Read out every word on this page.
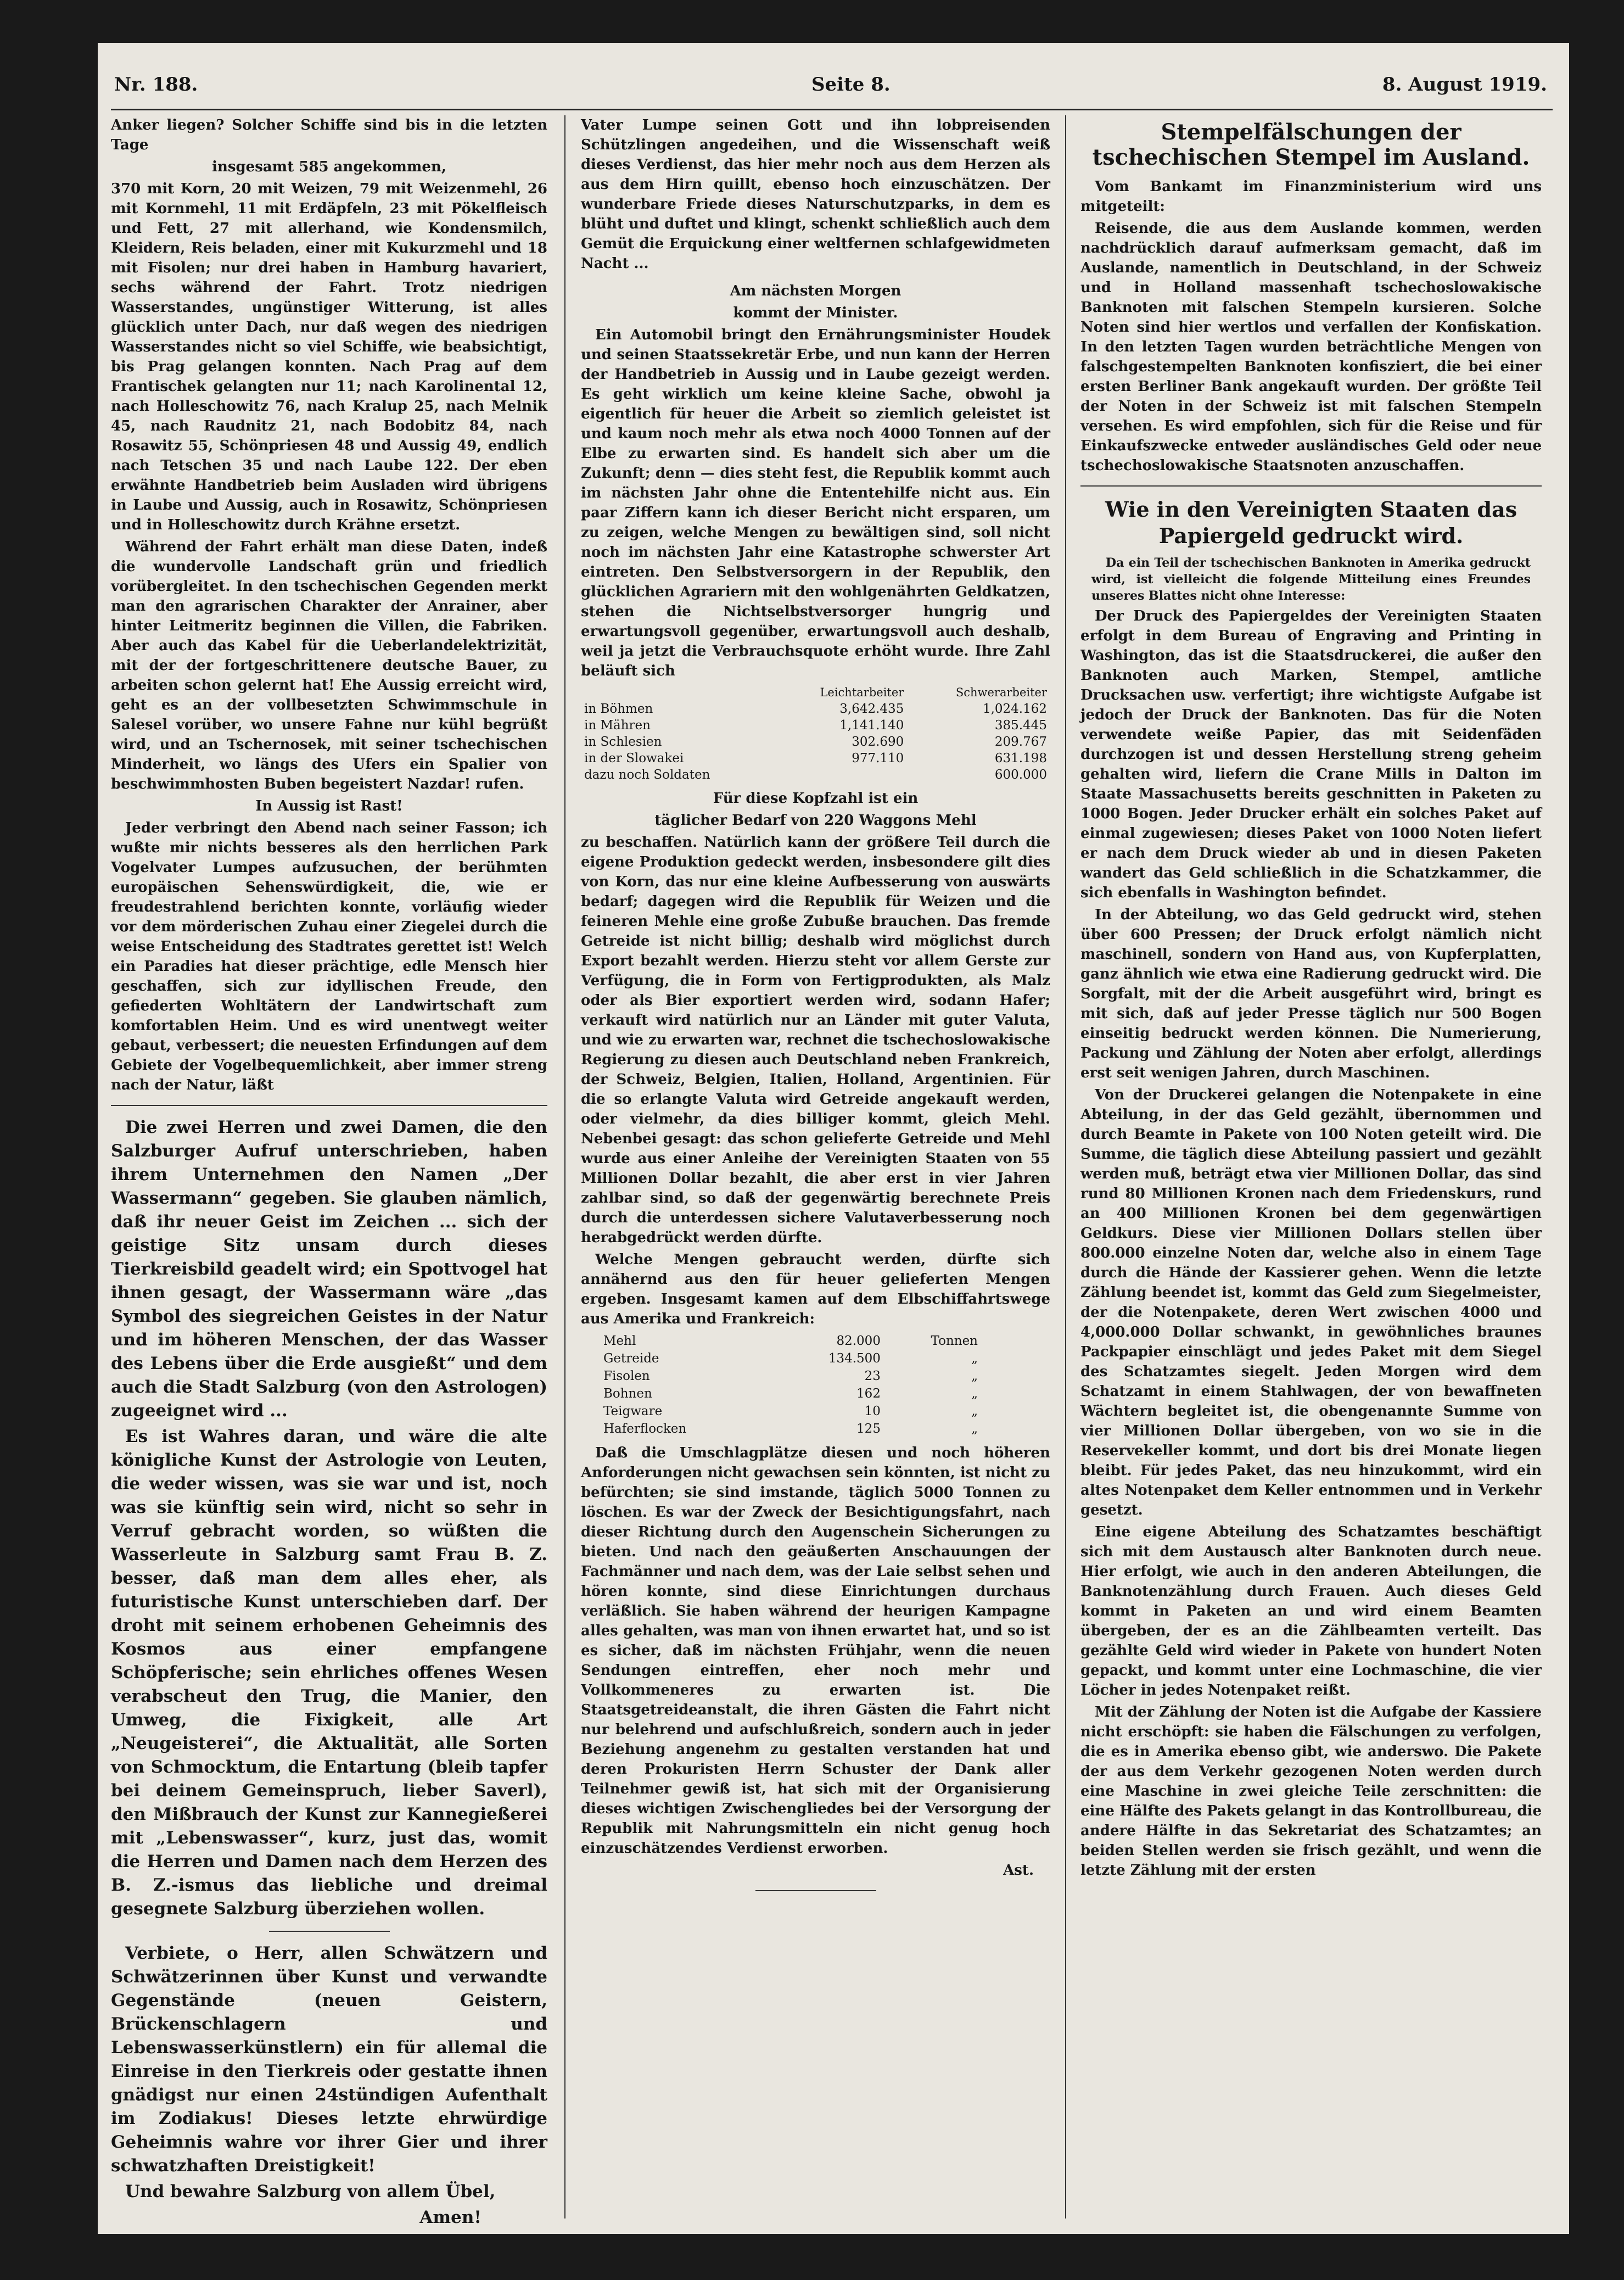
Nr. 188.	Seite 8.	8. August 1919.

Anker liegen? Solcher Schiffe sind bis in die letzten Tage

insgesamt 585 angekommen,

370 mit Korn, 20 mit Weizen, 79 mit Weizenmehl, 26 mit Kornmehl, 11 mit Erdäpfeln, 23 mit Pökelfleisch und Fett, 27 mit allerhand, wie Kondensmilch, Kleidern, Reis beladen, einer mit Kukurzmehl und 18 mit Fisolen; nur drei haben in Hamburg havariert, sechs während der Fahrt. Trotz niedrigen Wasserstandes, ungünstiger Witterung, ist alles glücklich unter Dach, nur daß wegen des niedrigen Wasserstandes nicht so viel Schiffe, wie beabsichtigt, bis Prag gelangen konnten. Nach Prag auf dem Frantischek gelangten nur 11; nach Karolinental 12, nach Holleschowitz 76, nach Kralup 25, nach Melnik 45, nach Raudnitz 21, nach Bodobitz 84, nach Rosawitz 55, Schönpriesen 48 und Aussig 49, endlich nach Tetschen 35 und nach Laube 122. Der eben erwähnte Handbetrieb beim Ausladen wird übrigens in Laube und Aussig, auch in Rosawitz, Schönpriesen und in Holleschowitz durch Krähne ersetzt.

Während der Fahrt erhält man diese Daten, indeß die wundervolle Landschaft grün und friedlich vorübergleitet. In den tschechischen Gegenden merkt man den agrarischen Charakter der Anrainer, aber hinter Leitmeritz beginnen die Villen, die Fabriken. Aber auch das Kabel für die Ueberlandelektrizität, mit der der fortgeschrittenere deutsche Bauer, zu arbeiten schon gelernt hat! Ehe Aussig erreicht wird, geht es an der vollbesetzten Schwimmschule in Salesel vorüber, wo unsere Fahne nur kühl begrüßt wird, und an Tschernosek, mit seiner tschechischen Minderheit, wo längs des Ufers ein Spalier von beschwimmhosten Buben begeistert Nazdar! rufen.

In Aussig ist Rast!

Jeder verbringt den Abend nach seiner Fasson; ich wußte mir nichts besseres als den herrlichen Park Vogelvater Lumpes aufzusuchen, der berühmten europäischen Sehenswürdigkeit, die, wie er freudestrahlend berichten konnte, vorläufig wieder vor dem mörderischen Zuhau einer Ziegelei durch die weise Entscheidung des Stadtrates gerettet ist! Welch ein Paradies hat dieser prächtige, edle Mensch hier geschaffen, sich zur idyllischen Freude, den gefiederten Wohltätern der Landwirtschaft zum komfortablen Heim. Und es wird unentwegt weiter gebaut, verbessert; die neuesten Erfindungen auf dem Gebiete der Vogelbequemlichkeit, aber immer streng nach der Natur, läßt

Die zwei Herren und zwei Damen, die den Salzburger Aufruf unterschrieben, haben ihrem Unternehmen den Namen „Der Wassermann“ gegeben. Sie glauben nämlich, daß ihr neuer Geist im Zeichen ... sich der geistige Sitz unsam durch dieses Tierkreisbild geadelt wird; ein Spottvogel hat ihnen gesagt, der Wassermann wäre „das Symbol des siegreichen Geistes in der Natur und im höheren Menschen, der das Wasser des Lebens über die Erde ausgießt“ und dem auch die Stadt Salzburg (von den Astrologen) zugeeignet wird ...

Es ist Wahres daran, und wäre die alte königliche Kunst der Astrologie von Leuten, die weder wissen, was sie war und ist, noch was sie künftig sein wird, nicht so sehr in Verruf gebracht worden, so wüßten die Wasserleute in Salzburg samt Frau B. Z. besser, daß man dem alles eher, als futuristische Kunst unterschieben darf. Der droht mit seinem erhobenen Geheimnis des Kosmos aus einer empfangene Schöpferische; sein ehrliches offenes Wesen verabscheut den Trug, die Manier, den Umweg, die Fixigkeit, alle Art „Neugeisterei“, die Aktualität, alle Sorten von Schmocktum, die Entartung (bleib tapfer bei deinem Gemeinspruch, lieber Saverl), den Mißbrauch der Kunst zur Kannegießerei mit „Lebenswasser“, kurz, just das, womit die Herren und Damen nach dem Herzen des B. Z.-ismus das liebliche und dreimal gesegnete Salzburg überziehen wollen.

Verbiete, o Herr, allen Schwätzern und Schwätzerinnen über Kunst und verwandte Gegenstände (neuen Geistern, Brückenschlagern und Lebenswasserkünstlern) ein für allemal die Einreise in den Tierkreis oder gestatte ihnen gnädigst nur einen 24stündigen Aufenthalt im Zodiakus! Dieses letzte ehrwürdige Geheimnis wahre vor ihrer Gier und ihrer schwatzhaften Dreistigkeit!

Und bewahre Salzburg von allem Übel,

Amen!

Vater Lumpe seinen Gott und ihn lobpreisenden Schützlingen angedeihen, und die Wissenschaft weiß dieses Verdienst, das hier mehr noch aus dem Herzen als aus dem Hirn quillt, ebenso hoch einzuschätzen. Der wunderbare Friede dieses Naturschutzparks, in dem es blüht und duftet und klingt, schenkt schließlich auch dem Gemüt die Erquickung einer weltfernen schlafgewidmeten Nacht ...

Am nächsten Morgen

kommt der Minister.

Ein Automobil bringt den Ernährungsminister Houdek und seinen Staatssekretär Erbe, und nun kann der Herren der Handbetrieb in Aussig und in Laube gezeigt werden. Es geht wirklich um keine kleine Sache, obwohl ja eigentlich für heuer die Arbeit so ziemlich geleistet ist und kaum noch mehr als etwa noch 4000 Tonnen auf der Elbe zu erwarten sind. Es handelt sich aber um die Zukunft; denn — dies steht fest, die Republik kommt auch im nächsten Jahr ohne die Ententehilfe nicht aus. Ein paar Ziffern kann ich dieser Bericht nicht ersparen, um zu zeigen, welche Mengen zu bewältigen sind, soll nicht noch im nächsten Jahr eine Katastrophe schwerster Art eintreten. Den Selbstversorgern in der Republik, den glücklichen Agrariern mit den wohlgenährten Geldkatzen, stehen die Nichtselbstversorger hungrig und erwartungsvoll gegenüber, erwartungsvoll auch deshalb, weil ja jetzt die Verbrauchsquote erhöht wurde. Ihre Zahl beläuft sich

	Leichtarbeiter	Schwerarbeiter
in Böhmen	3,642.435	1,024.162
in Mähren	1,141.140	385.445
in Schlesien	302.690	209.767
in der Slowakei	977.110	631.198
dazu noch Soldaten		600.000

Für diese Kopfzahl ist ein

täglicher Bedarf von 220 Waggons Mehl

zu beschaffen. Natürlich kann der größere Teil durch die eigene Produktion gedeckt werden, insbesondere gilt dies von Korn, das nur eine kleine Aufbesserung von auswärts bedarf; dagegen wird die Republik für Weizen und die feineren Mehle eine große Zubuße brauchen. Das fremde Getreide ist nicht billig; deshalb wird möglichst durch Export bezahlt werden. Hierzu steht vor allem Gerste zur Verfügung, die in Form von Fertigprodukten, als Malz oder als Bier exportiert werden wird, sodann Hafer; verkauft wird natürlich nur an Länder mit guter Valuta, und wie zu erwarten war, rechnet die tschechoslowakische Regierung zu diesen auch Deutschland neben Frankreich, der Schweiz, Belgien, Italien, Holland, Argentinien. Für die so erlangte Valuta wird Getreide angekauft werden, oder vielmehr, da dies billiger kommt, gleich Mehl. Nebenbei gesagt: das schon gelieferte Getreide und Mehl wurde aus einer Anleihe der Vereinigten Staaten von 55 Millionen Dollar bezahlt, die aber erst in vier Jahren zahlbar sind, so daß der gegenwärtig berechnete Preis durch die unterdessen sichere Valutaverbesserung noch herabgedrückt werden dürfte.

Welche Mengen gebraucht werden, dürfte sich annähernd aus den für heuer gelieferten Mengen ergeben. Insgesamt kamen auf dem Elbschiffahrtswege aus Amerika und Frankreich:

Mehl	82.000	Tonnen
Getreide	134.500	„
Fisolen	23	„
Bohnen	162	„
Teigware	10	„
Haferflocken	125	„

Daß die Umschlagplätze diesen und noch höheren Anforderungen nicht gewachsen sein könnten, ist nicht zu befürchten; sie sind imstande, täglich 5000 Tonnen zu löschen. Es war der Zweck der Besichtigungsfahrt, nach dieser Richtung durch den Augenschein Sicherungen zu bieten. Und nach den geäußerten Anschauungen der Fachmänner und nach dem, was der Laie selbst sehen und hören konnte, sind diese Einrichtungen durchaus verläßlich. Sie haben während der heurigen Kampagne alles gehalten, was man von ihnen erwartet hat, und so ist es sicher, daß im nächsten Frühjahr, wenn die neuen Sendungen eintreffen, eher noch mehr und Vollkommeneres zu erwarten ist. Die Staatsgetreideanstalt, die ihren Gästen die Fahrt nicht nur belehrend und aufschlußreich, sondern auch in jeder Beziehung angenehm zu gestalten verstanden hat und deren Prokuristen Herrn Schuster der Dank aller Teilnehmer gewiß ist, hat sich mit der Organisierung dieses wichtigen Zwischengliedes bei der Versorgung der Republik mit Nahrungsmitteln ein nicht genug hoch einzuschätzendes Verdienst erworben.

Ast.

Stempelfälschungen der tschechischen Stempel im Ausland.

Vom Bankamt im Finanzministerium wird uns mitgeteilt:

Reisende, die aus dem Auslande kommen, werden nachdrücklich darauf aufmerksam gemacht, daß im Auslande, namentlich in Deutschland, in der Schweiz und in Holland massenhaft tschechoslowakische Banknoten mit falschen Stempeln kursieren. Solche Noten sind hier wertlos und verfallen der Konfiskation. In den letzten Tagen wurden beträchtliche Mengen von falschgestempelten Banknoten konfisziert, die bei einer ersten Berliner Bank angekauft wurden. Der größte Teil der Noten in der Schweiz ist mit falschen Stempeln versehen. Es wird empfohlen, sich für die Reise und für Einkaufszwecke entweder ausländisches Geld oder neue tschechoslowakische Staatsnoten anzuschaffen.

Wie in den Vereinigten Staaten das Papiergeld gedruckt wird.

Da ein Teil der tschechischen Banknoten in Amerika gedruckt wird, ist vielleicht die folgende Mitteilung eines Freundes unseres Blattes nicht ohne Interesse:

Der Druck des Papiergeldes der Vereinigten Staaten erfolgt in dem Bureau of Engraving and Printing in Washington, das ist die Staatsdruckerei, die außer den Banknoten auch Marken, Stempel, amtliche Drucksachen usw. verfertigt; ihre wichtigste Aufgabe ist jedoch der Druck der Banknoten. Das für die Noten verwendete weiße Papier, das mit Seidenfäden durchzogen ist und dessen Herstellung streng geheim gehalten wird, liefern die Crane Mills in Dalton im Staate Massachusetts bereits geschnitten in Paketen zu 1000 Bogen. Jeder Drucker erhält ein solches Paket auf einmal zugewiesen; dieses Paket von 1000 Noten liefert er nach dem Druck wieder ab und in diesen Paketen wandert das Geld schließlich in die Schatzkammer, die sich ebenfalls in Washington befindet.

In der Abteilung, wo das Geld gedruckt wird, stehen über 600 Pressen; der Druck erfolgt nämlich nicht maschinell, sondern von Hand aus, von Kupferplatten, ganz ähnlich wie etwa eine Radierung gedruckt wird. Die Sorgfalt, mit der die Arbeit ausgeführt wird, bringt es mit sich, daß auf jeder Presse täglich nur 500 Bogen einseitig bedruckt werden können. Die Numerierung, Packung und Zählung der Noten aber erfolgt, allerdings erst seit wenigen Jahren, durch Maschinen.

Von der Druckerei gelangen die Notenpakete in eine Abteilung, in der das Geld gezählt, übernommen und durch Beamte in Pakete von 100 Noten geteilt wird. Die Summe, die täglich diese Abteilung passiert und gezählt werden muß, beträgt etwa vier Millionen Dollar, das sind rund 80 Millionen Kronen nach dem Friedenskurs, rund an 400 Millionen Kronen bei dem gegenwärtigen Geldkurs. Diese vier Millionen Dollars stellen über 800.000 einzelne Noten dar, welche also in einem Tage durch die Hände der Kassierer gehen. Wenn die letzte Zählung beendet ist, kommt das Geld zum Siegelmeister, der die Notenpakete, deren Wert zwischen 4000 und 4,000.000 Dollar schwankt, in gewöhnliches braunes Packpapier einschlägt und jedes Paket mit dem Siegel des Schatzamtes siegelt. Jeden Morgen wird dem Schatzamt in einem Stahlwagen, der von bewaffneten Wächtern begleitet ist, die obengenannte Summe von vier Millionen Dollar übergeben, von wo sie in die Reservekeller kommt, und dort bis drei Monate liegen bleibt. Für jedes Paket, das neu hinzukommt, wird ein altes Notenpaket dem Keller entnommen und in Verkehr gesetzt.

Eine eigene Abteilung des Schatzamtes beschäftigt sich mit dem Austausch alter Banknoten durch neue. Hier erfolgt, wie auch in den anderen Abteilungen, die Banknotenzählung durch Frauen. Auch dieses Geld kommt in Paketen an und wird einem Beamten übergeben, der es an die Zählbeamten verteilt. Das gezählte Geld wird wieder in Pakete von hundert Noten gepackt, und kommt unter eine Lochmaschine, die vier Löcher in jedes Notenpaket reißt.

Mit der Zählung der Noten ist die Aufgabe der Kassiere nicht erschöpft: sie haben die Fälschungen zu verfolgen, die es in Amerika ebenso gibt, wie anderswo. Die Pakete der aus dem Verkehr gezogenen Noten werden durch eine Maschine in zwei gleiche Teile zerschnitten: die eine Hälfte des Pakets gelangt in das Kontrollbureau, die andere Hälfte in das Sekretariat des Schatzamtes; an beiden Stellen werden sie frisch gezählt, und wenn die letzte Zählung mit der ersten
